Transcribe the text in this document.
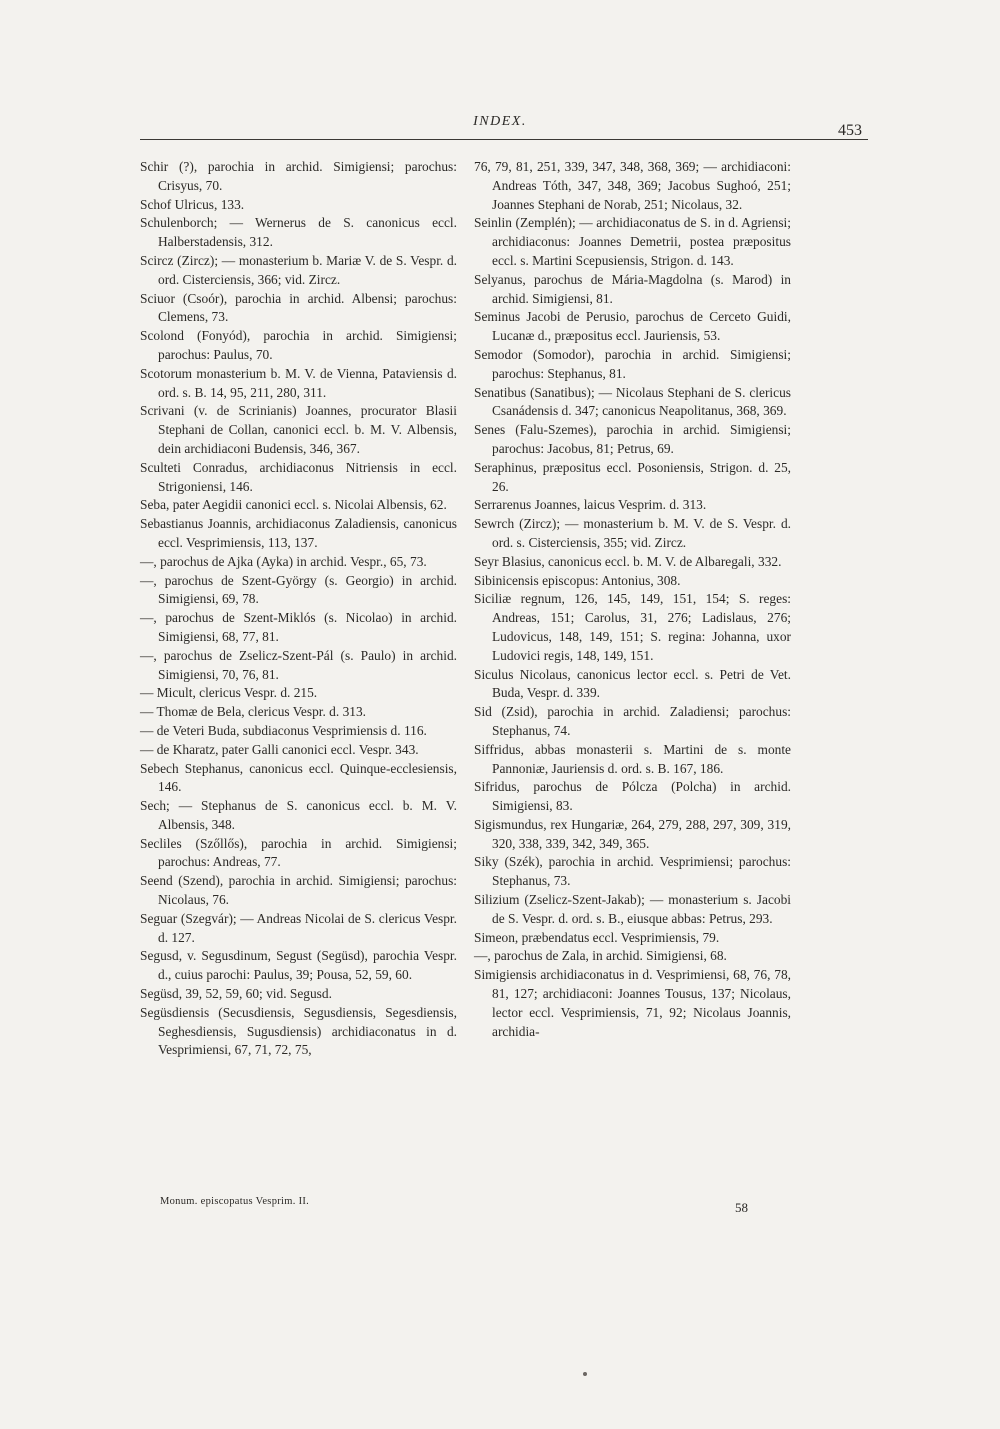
INDEX.
453

Schir (?), parochia in archid. Simigiensi; parochus: Crisyus, 70.

Schof Ulricus, 133.

Schulenborch; — Wernerus de S. canonicus eccl. Halberstadensis, 312.

Scircz (Zircz); — monasterium b. Mariæ V. de S. Vespr. d. ord. Cisterciensis, 366; vid. Zircz.

Sciuor (Csoór), parochia in archid. Albensi; parochus: Clemens, 73.

Scolond (Fonyód), parochia in archid. Simigiensi; parochus: Paulus, 70.

Scotorum monasterium b. M. V. de Vienna, Pataviensis d. ord. s. B. 14, 95, 211, 280, 311.

Scrivani (v. de Scrinianis) Joannes, procurator Blasii Stephani de Collan, canonici eccl. b. M. V. Albensis, dein archidiaconi Budensis, 346, 367.

Sculteti Conradus, archidiaconus Nitriensis in eccl. Strigoniensi, 146.

Seba, pater Aegidii canonici eccl. s. Nicolai Albensis, 62.

Sebastianus Joannis, archidiaconus Zaladiensis, canonicus eccl. Vesprimiensis, 113, 137.

—, parochus de Ajka (Ayka) in archid. Vespr., 65, 73.

—, parochus de Szent-György (s. Georgio) in archid. Simigiensi, 69, 78.

—, parochus de Szent-Miklós (s. Nicolao) in archid. Simigiensi, 68, 77, 81.

—, parochus de Zselicz-Szent-Pál (s. Paulo) in archid. Simigiensi, 70, 76, 81.

— Micult, clericus Vespr. d. 215.

— Thomæ de Bela, clericus Vespr. d. 313.

— de Veteri Buda, subdiaconus Vesprimiensis d. 116.

— de Kharatz, pater Galli canonici eccl. Vespr. 343.

Sebech Stephanus, canonicus eccl. Quinque-ecclesiensis, 146.

Sech; — Stephanus de S. canonicus eccl. b. M. V. Albensis, 348.

Secliles (Szőllős), parochia in archid. Simigiensi; parochus: Andreas, 77.

Seend (Szend), parochia in archid. Simigiensi; parochus: Nicolaus, 76.

Seguar (Szegvár); — Andreas Nicolai de S. clericus Vespr. d. 127.

Segusd, v. Segusdinum, Segust (Següsd), parochia Vespr. d., cuius parochi: Paulus, 39; Pousa, 52, 59, 60.

Següsd, 39, 52, 59, 60; vid. Segusd.

Següsdiensis (Secusdiensis, Segusdiensis, Segesdiensis, Seghesdiensis, Sugusdiensis) archidiaconatus in d. Vesprimiensi, 67, 71, 72, 75,

76, 79, 81, 251, 339, 347, 348, 368, 369; — archidiaconi: Andreas Tóth, 347, 348, 369; Jacobus Sughoó, 251; Joannes Stephani de Norab, 251; Nicolaus, 32.

Seinlin (Zemplén); — archidiaconatus de S. in d. Agriensi; archidiaconus: Joannes Demetrii, postea præpositus eccl. s. Martini Scepusiensis, Strigon. d. 143.

Selyanus, parochus de Mária-Magdolna (s. Marod) in archid. Simigiensi, 81.

Seminus Jacobi de Perusio, parochus de Cerceto Guidi, Lucanæ d., præpositus eccl. Jauriensis, 53.

Semodor (Somodor), parochia in archid. Simigiensi; parochus: Stephanus, 81.

Senatibus (Sanatibus); — Nicolaus Stephani de S. clericus Csanádensis d. 347; canonicus Neapolitanus, 368, 369.

Senes (Falu-Szemes), parochia in archid. Simigiensi; parochus: Jacobus, 81; Petrus, 69.

Seraphinus, præpositus eccl. Posoniensis, Strigon. d. 25, 26.

Serrarenus Joannes, laicus Vesprim. d. 313.

Sewrch (Zircz); — monasterium b. M. V. de S. Vespr. d. ord. s. Cisterciensis, 355; vid. Zircz.

Seyr Blasius, canonicus eccl. b. M. V. de Albaregali, 332.

Sibinicensis episcopus: Antonius, 308.

Siciliæ regnum, 126, 145, 149, 151, 154; S. reges: Andreas, 151; Carolus, 31, 276; Ladislaus, 276; Ludovicus, 148, 149, 151; S. regina: Johanna, uxor Ludovici regis, 148, 149, 151.

Siculus Nicolaus, canonicus lector eccl. s. Petri de Vet. Buda, Vespr. d. 339.

Sid (Zsid), parochia in archid. Zaladiensi; parochus: Stephanus, 74.

Siffridus, abbas monasterii s. Martini de s. monte Pannoniæ, Jauriensis d. ord. s. B. 167, 186.

Sifridus, parochus de Pólcza (Polcha) in archid. Simigiensi, 83.

Sigismundus, rex Hungariæ, 264, 279, 288, 297, 309, 319, 320, 338, 339, 342, 349, 365.

Siky (Szék), parochia in archid. Vesprimiensi; parochus: Stephanus, 73.

Silizium (Zselicz-Szent-Jakab); — monasterium s. Jacobi de S. Vespr. d. ord. s. B., eiusque abbas: Petrus, 293.

Simeon, præbendatus eccl. Vesprimiensis, 79.

—, parochus de Zala, in archid. Simigiensi, 68.

Simigiensis archidiaconatus in d. Vesprimiensi, 68, 76, 78, 81, 127; archidiaconi: Joannes Tousus, 137; Nicolaus, lector eccl. Vesprimiensis, 71, 92; Nicolaus Joannis, archidia-

Monum. episcopatus Vesprim. II.	58
